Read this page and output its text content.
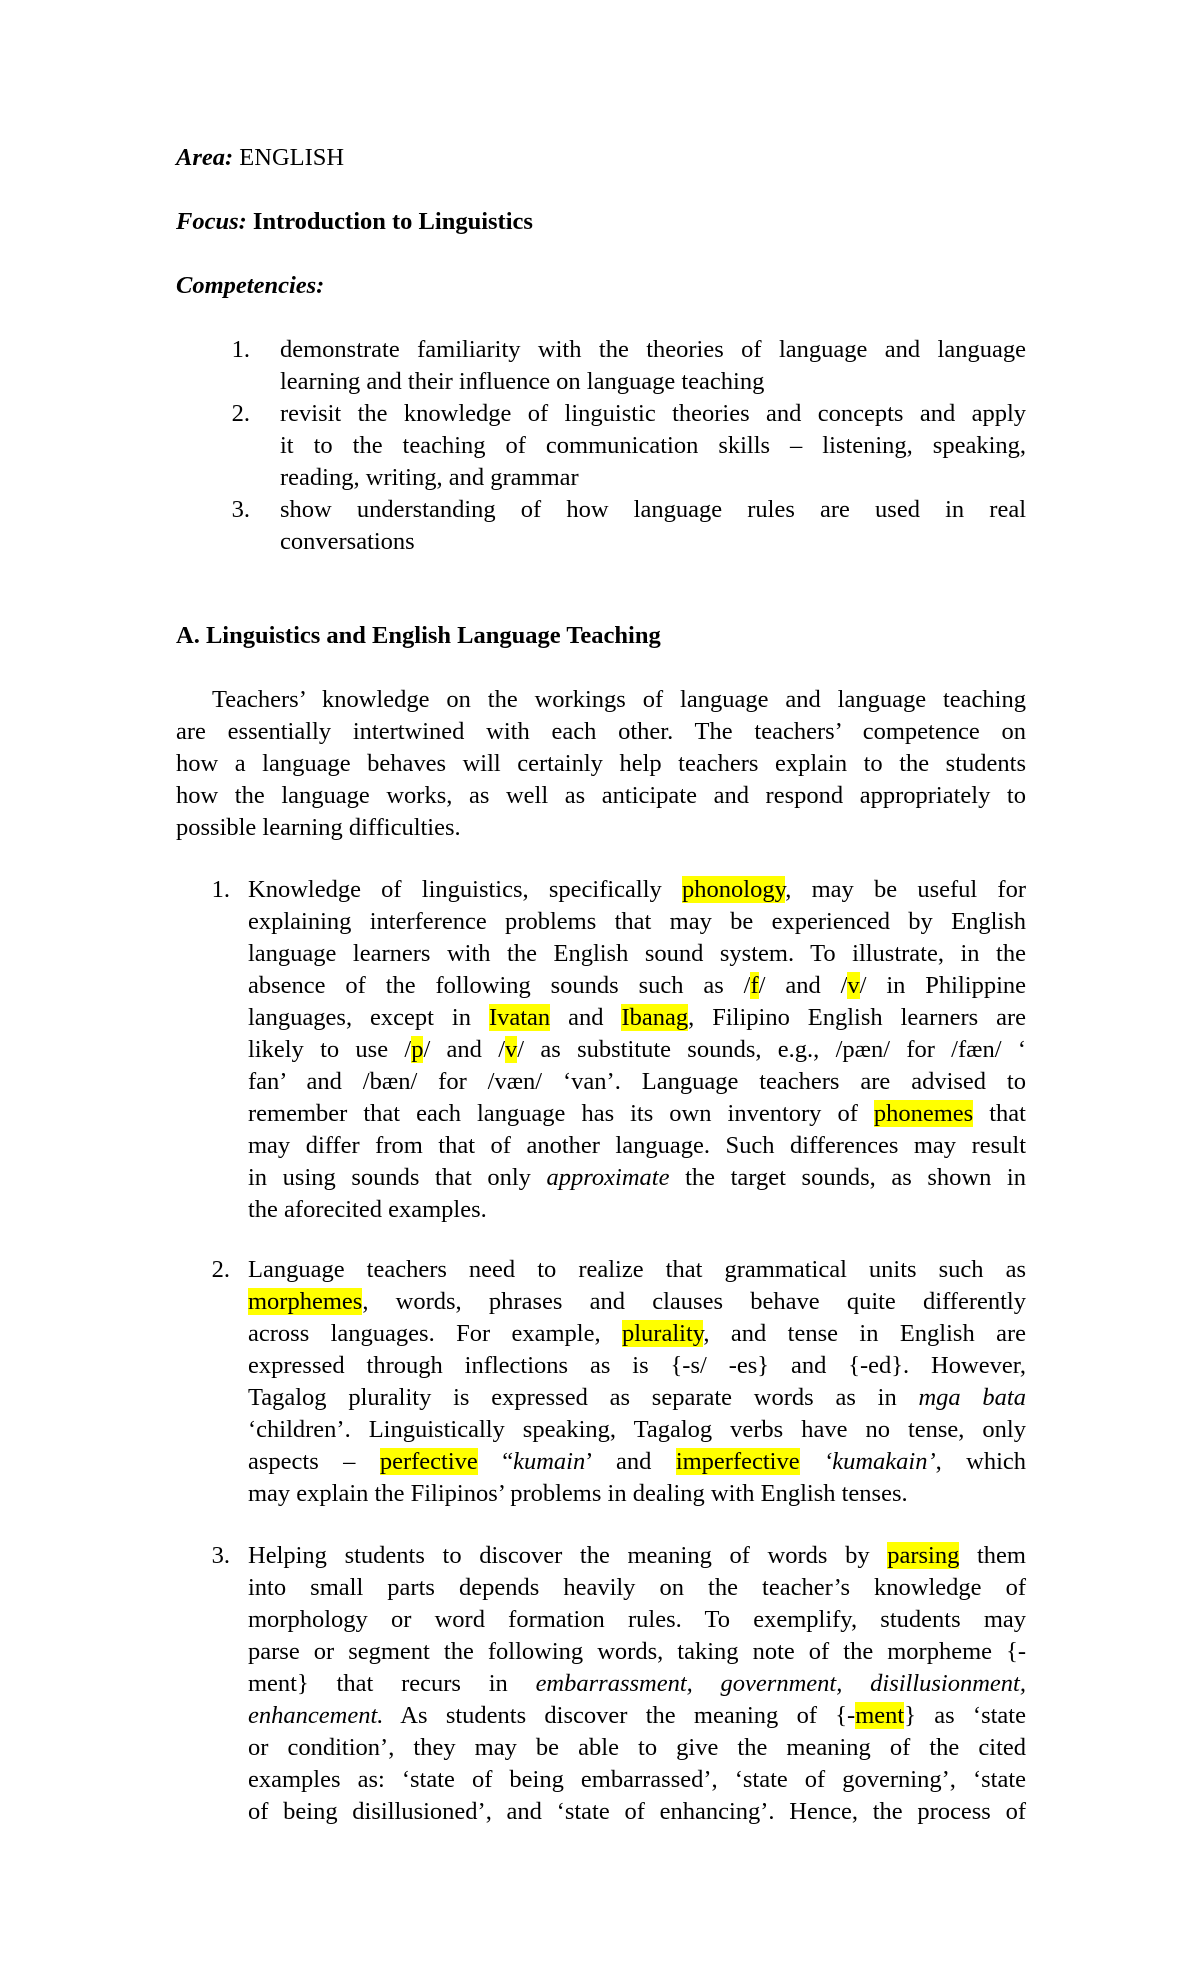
Area: ENGLISH
Focus: Introduction to Linguistics
Competencies:
1. demonstrate familiarity with the theories of language and language
learning and their influence on language teaching
2. revisit the knowledge of linguistic theories and concepts and apply
it to the teaching of communication skills – listening, speaking,
reading, writing, and grammar
3. show understanding of how language rules are used in real
conversations
A. Linguistics and English Language Teaching
Teachers’ knowledge on the workings of language and language teaching
are essentially intertwined with each other. The teachers’ competence on
how a language behaves will certainly help teachers explain to the students
how the language works, as well as anticipate and respond appropriately to
possible learning difficulties.
1. Knowledge of linguistics, specifically phonology, may be useful for
explaining interference problems that may be experienced by English
language learners with the English sound system. To illustrate, in the
absence of the following sounds such as /f/ and /v/ in Philippine
languages, except in Ivatan and Ibanag, Filipino English learners are
likely to use /p/ and /v/ as substitute sounds, e.g., /pæn/ for /fæn/ ‘
fan’ and /bæn/ for /væn/ ‘van’. Language teachers are advised to
remember that each language has its own inventory of phonemes that
may differ from that of another language. Such differences may result
in using sounds that only approximate the target sounds, as shown in
the aforecited examples.
2. Language teachers need to realize that grammatical units such as
morphemes, words, phrases and clauses behave quite differently
across languages. For example, plurality, and tense in English are
expressed through inflections as is {-s/ -es} and {-ed}. However,
Tagalog plurality is expressed as separate words as in mga bata
‘children’. Linguistically speaking, Tagalog verbs have no tense, only
aspects – perfective “kumain’ and imperfective ‘kumakain’, which
may explain the Filipinos’ problems in dealing with English tenses.
3. Helping students to discover the meaning of words by parsing them
into small parts depends heavily on the teacher’s knowledge of
morphology or word formation rules. To exemplify, students may
parse or segment the following words, taking note of the morpheme {-
ment} that recurs in embarrassment, government, disillusionment,
enhancement. As students discover the meaning of {-ment} as ‘state
or condition’, they may be able to give the meaning of the cited
examples as: ‘state of being embarrassed’, ‘state of governing’, ‘state
of being disillusioned’, and ‘state of enhancing’. Hence, the process of
